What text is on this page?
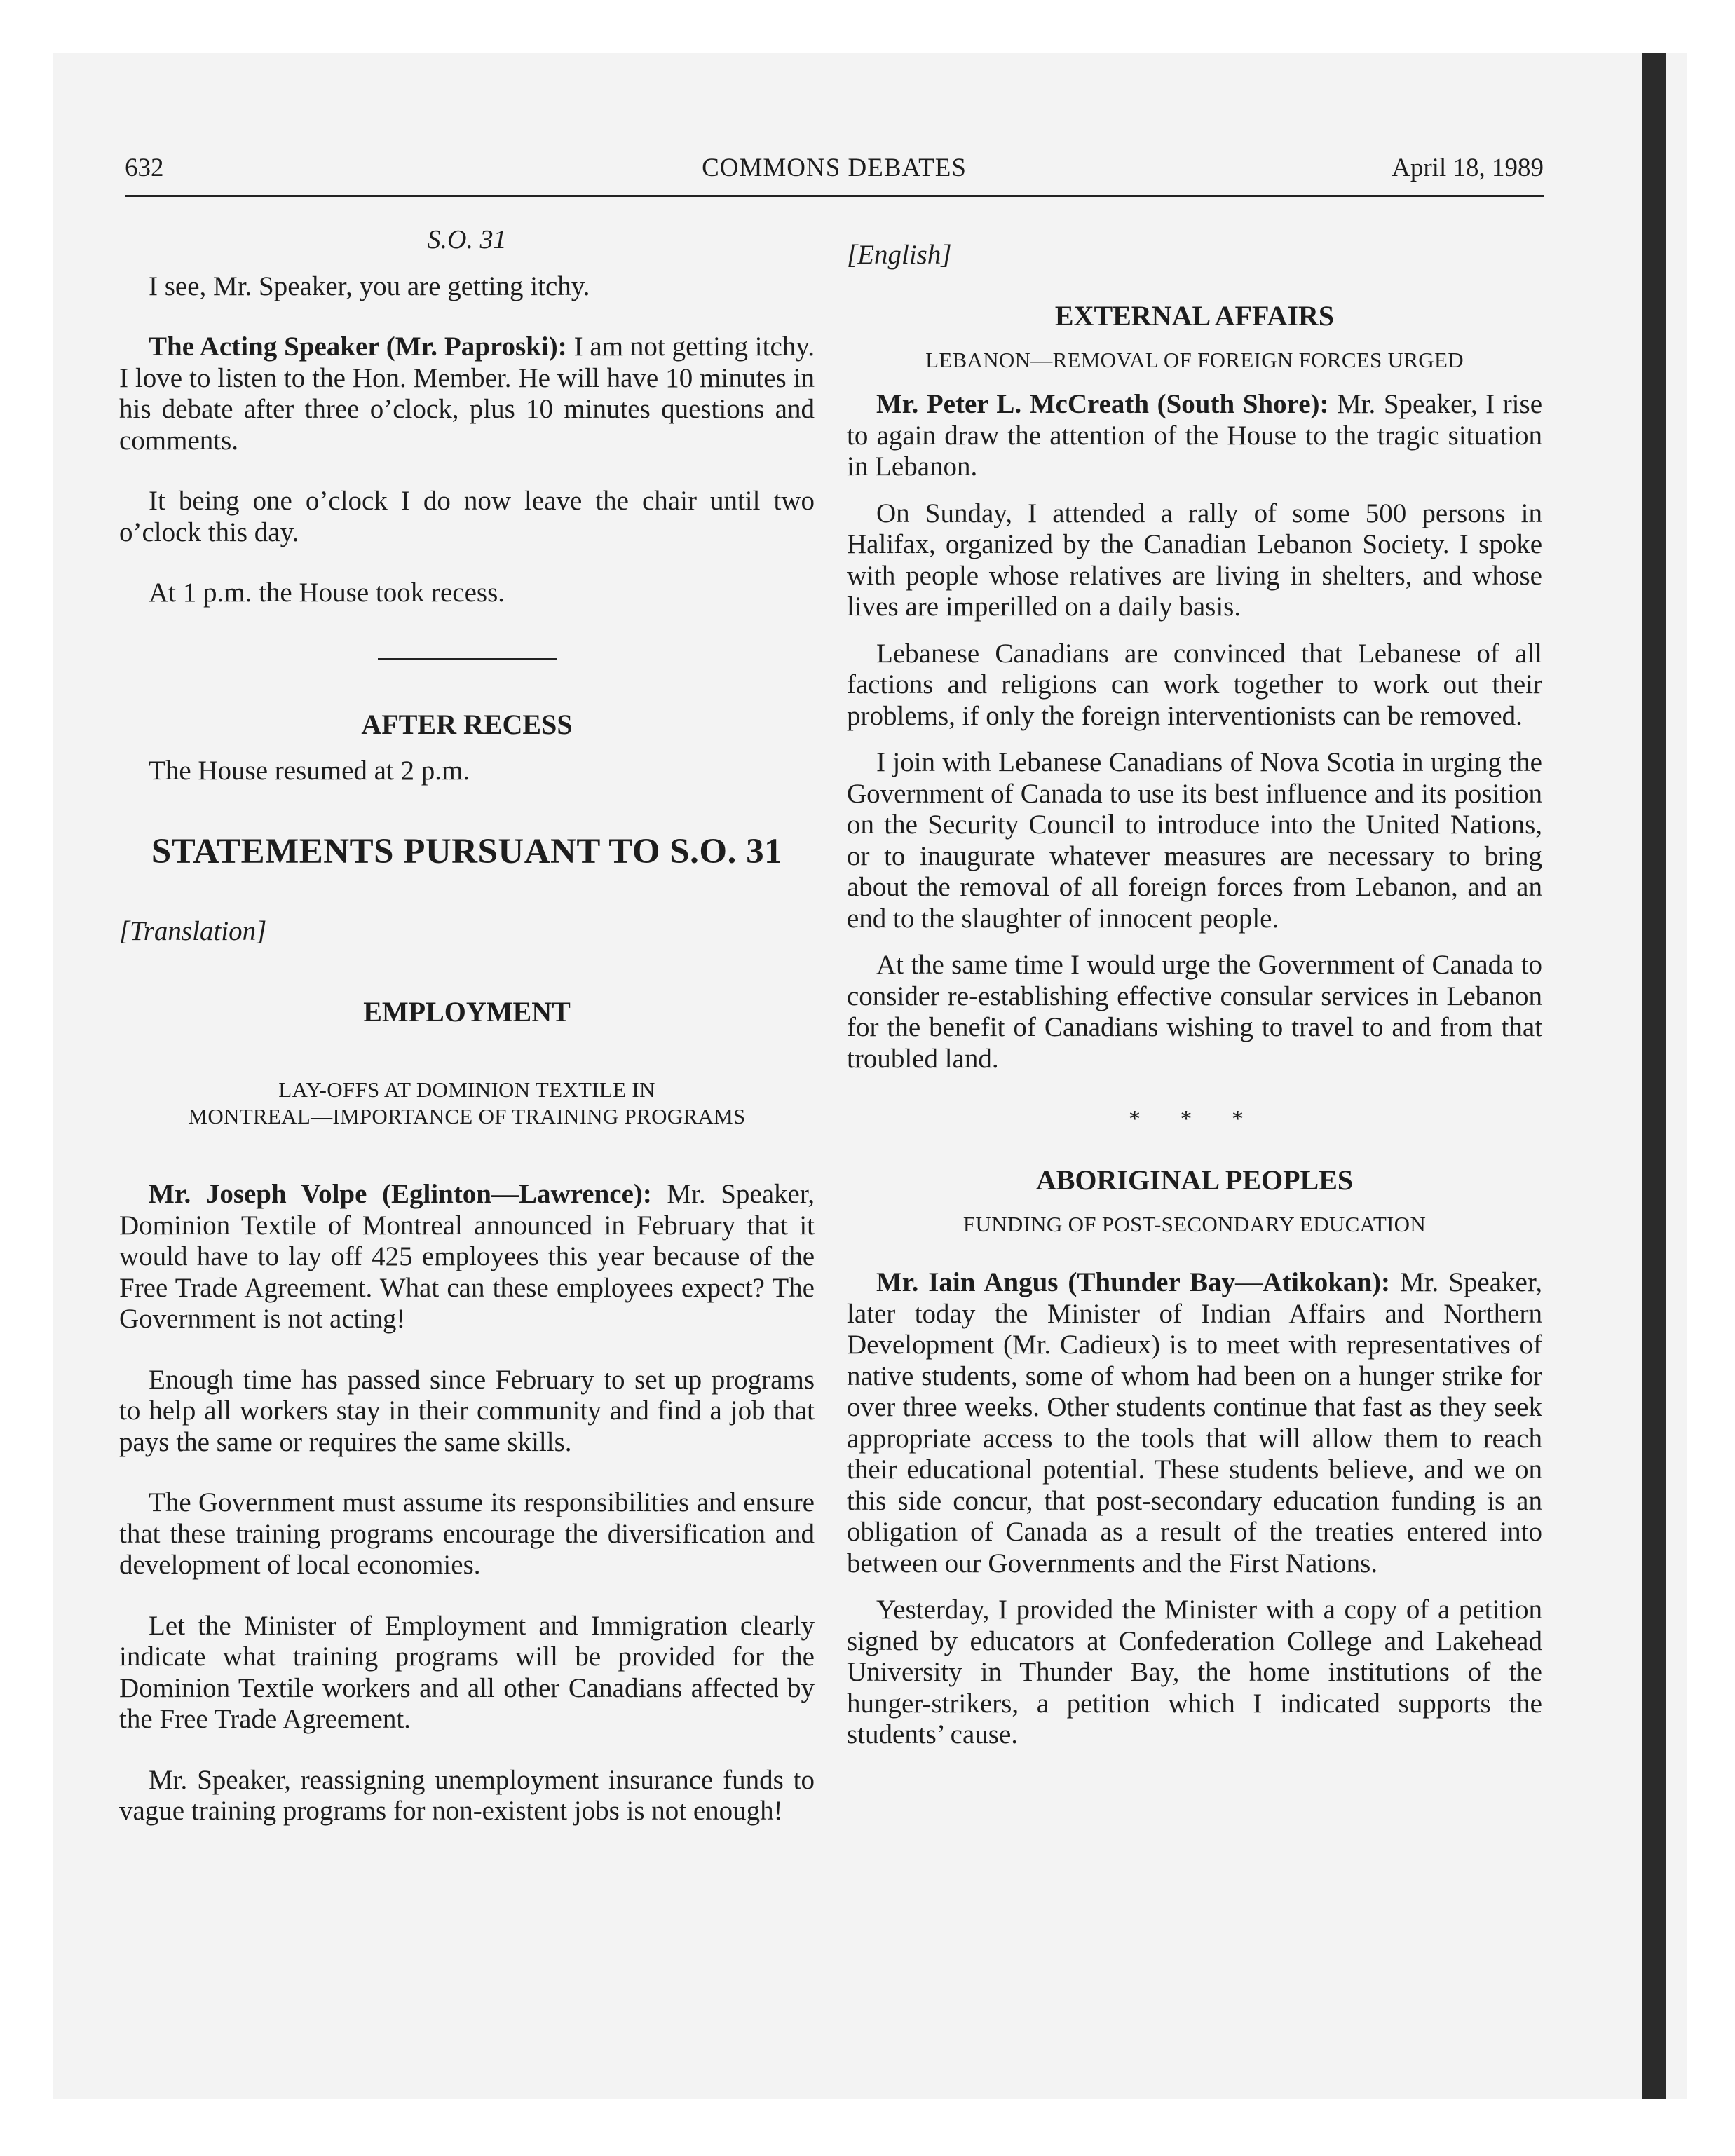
632	COMMONS DEBATES	April 18, 1989
S.O. 31

I see, Mr. Speaker, you are getting itchy.

The Acting Speaker (Mr. Paproski): I am not getting itchy. I love to listen to the Hon. Member. He will have 10 minutes in his debate after three o’clock, plus 10 minutes questions and comments.

It being one o’clock I do now leave the chair until two o’clock this day.

At 1 p.m. the House took recess.

AFTER RECESS

The House resumed at 2 p.m.

STATEMENTS PURSUANT TO S.O. 31
[Translation]
EMPLOYMENT
LAY-OFFS AT DOMINION TEXTILE IN
MONTREAL—IMPORTANCE OF TRAINING PROGRAMS

Mr. Joseph Volpe (Eglinton—Lawrence): Mr. Speaker, Dominion Textile of Montreal announced in February that it would have to lay off 425 employees this year because of the Free Trade Agreement. What can these employees expect? The Government is not acting!

Enough time has passed since February to set up programs to help all workers stay in their community and find a job that pays the same or requires the same skills.

The Government must assume its responsibilities and ensure that these training programs encourage the diversification and development of local economies.

Let the Minister of Employment and Immigration clearly indicate what training programs will be provided for the Dominion Textile workers and all other Canadians affected by the Free Trade Agreement.

Mr. Speaker, reassigning unemployment insurance funds to vague training programs for non-existent jobs is not enough!

[English]
EXTERNAL AFFAIRS
LEBANON—REMOVAL OF FOREIGN FORCES URGED

Mr. Peter L. McCreath (South Shore): Mr. Speaker, I rise to again draw the attention of the House to the tragic situation in Lebanon.

On Sunday, I attended a rally of some 500 persons in Halifax, organized by the Canadian Lebanon Society. I spoke with people whose relatives are living in shelters, and whose lives are imperilled on a daily basis.

Lebanese Canadians are convinced that Lebanese of all factions and religions can work together to work out their problems, if only the foreign interventionists can be removed.

I join with Lebanese Canadians of Nova Scotia in urging the Government of Canada to use its best influence and its position on the Security Council to introduce into the United Nations, or to inaugurate whatever measures are necessary to bring about the removal of all foreign forces from Lebanon, and an end to the slaughter of innocent people.

At the same time I would urge the Government of Canada to consider re-establishing effective consular services in Lebanon for the benefit of Canadians wishing to travel to and from that troubled land.

* * *
ABORIGINAL PEOPLES
FUNDING OF POST-SECONDARY EDUCATION

Mr. Iain Angus (Thunder Bay—Atikokan): Mr. Speaker, later today the Minister of Indian Affairs and Northern Development (Mr. Cadieux) is to meet with representatives of native students, some of whom had been on a hunger strike for over three weeks. Other students continue that fast as they seek appropriate access to the tools that will allow them to reach their educational potential. These students believe, and we on this side concur, that post-secondary education funding is an obligation of Canada as a result of the treaties entered into between our Governments and the First Nations.

Yesterday, I provided the Minister with a copy of a petition signed by educators at Confederation College and Lakehead University in Thunder Bay, the home institutions of the hunger-strikers, a petition which I indicated supports the students’ cause.
